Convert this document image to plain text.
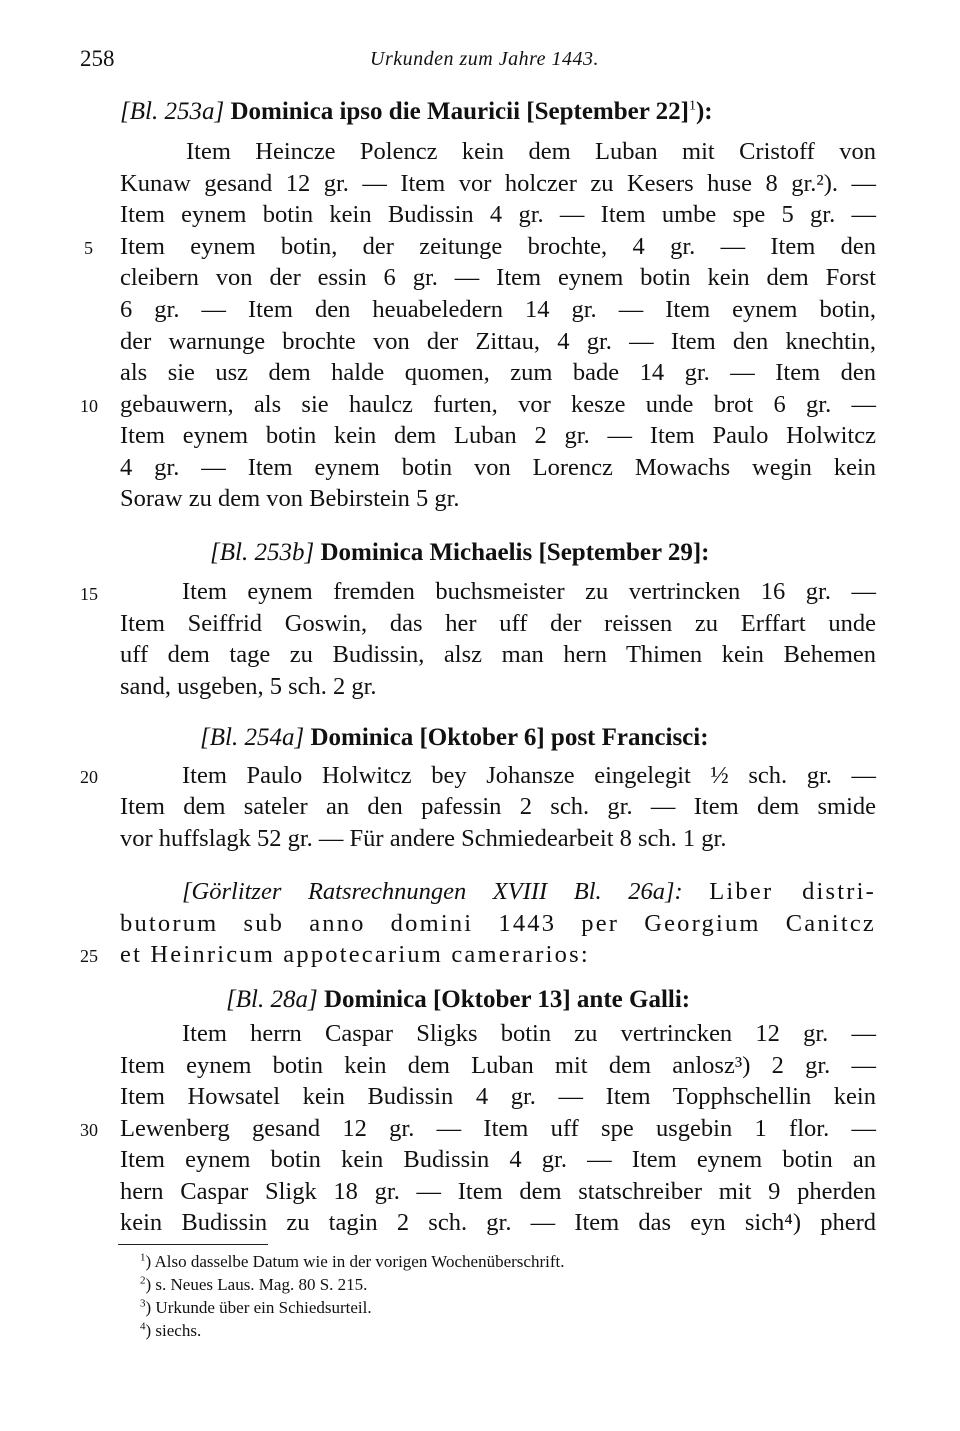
258	Urkunden zum Jahre 1443.
[Bl. 253a] Dominica ipso die Mauricii [September 22]$^1$):
Item Heincze Polencz kein dem Luban mit Cristoff von
Kunaw gesand 12 gr. — Item vor holczer zu Kesers huse 8 gr.²). —
Item eynem botin kein Budissin 4 gr. — Item umbe spe 5 gr. —
Item eynem botin, der zeitunge brochte, 4 gr. — Item den
cleibern von der essin 6 gr. — Item eynem botin kein dem Forst
6 gr. — Item den heuabeledern 14 gr. — Item eynem botin,
der warnunge brochte von der Zittau, 4 gr. — Item den knechtin,
als sie usz dem halde quomen, zum bade 14 gr. — Item den
gebauwern, als sie haulcz furten, vor kesze unde brot 6 gr. —
Item eynem botin kein dem Luban 2 gr. — Item Paulo Holwitcz
4 gr. — Item eynem botin von Lorencz Mowachs wegin kein
Soraw zu dem von Bebirstein 5 gr.
[Bl. 253b] Dominica Michaelis [September 29]:
Item eynem fremden buchsmeister zu vertrincken 16 gr. —
Item Seiffrid Goswin, das her uff der reissen zu Erffart unde
uff dem tage zu Budissin, alsz man hern Thimen kein Behemen
sand, usgeben, 5 sch. 2 gr.
[Bl. 254a] Dominica [Oktober 6] post Francisci:
Item Paulo Holwitcz bey Johansze eingelegit ½ sch. gr. —
Item dem sateler an den pafessin 2 sch. gr. — Item dem smide
vor huffslagk 52 gr. — Für andere Schmiedearbeit 8 sch. 1 gr.
[Görlitzer Ratsrechnungen XVIII Bl. 26a]: Liber distri-
butorum sub anno domini 1443 per Georgium Canitcz
et Heinricum appotecarium camerarios:
[Bl. 28a] Dominica [Oktober 13] ante Galli:
Item herrn Caspar Sligks botin zu vertrincken 12 gr. —
Item eynem botin kein dem Luban mit dem anlosz³) 2 gr. —
Item Howsatel kein Budissin 4 gr. — Item Topphschellin kein
Lewenberg gesand 12 gr. — Item uff spe usgebin 1 flor. —
Item eynem botin kein Budissin 4 gr. — Item eynem botin an
hern Caspar Sligk 18 gr. — Item dem statschreiber mit 9 pherden
kein Budissin zu tagin 2 sch. gr. — Item das eyn sich⁴) pherd
5
10
15
20
25
30
$^1$) Also dasselbe Datum wie in der vorigen Wochenüberschrift.
$^2$) s. Neues Laus. Mag. 80 S. 215.
$^3$) Urkunde über ein Schiedsurteil.
$^4$) siechs.
